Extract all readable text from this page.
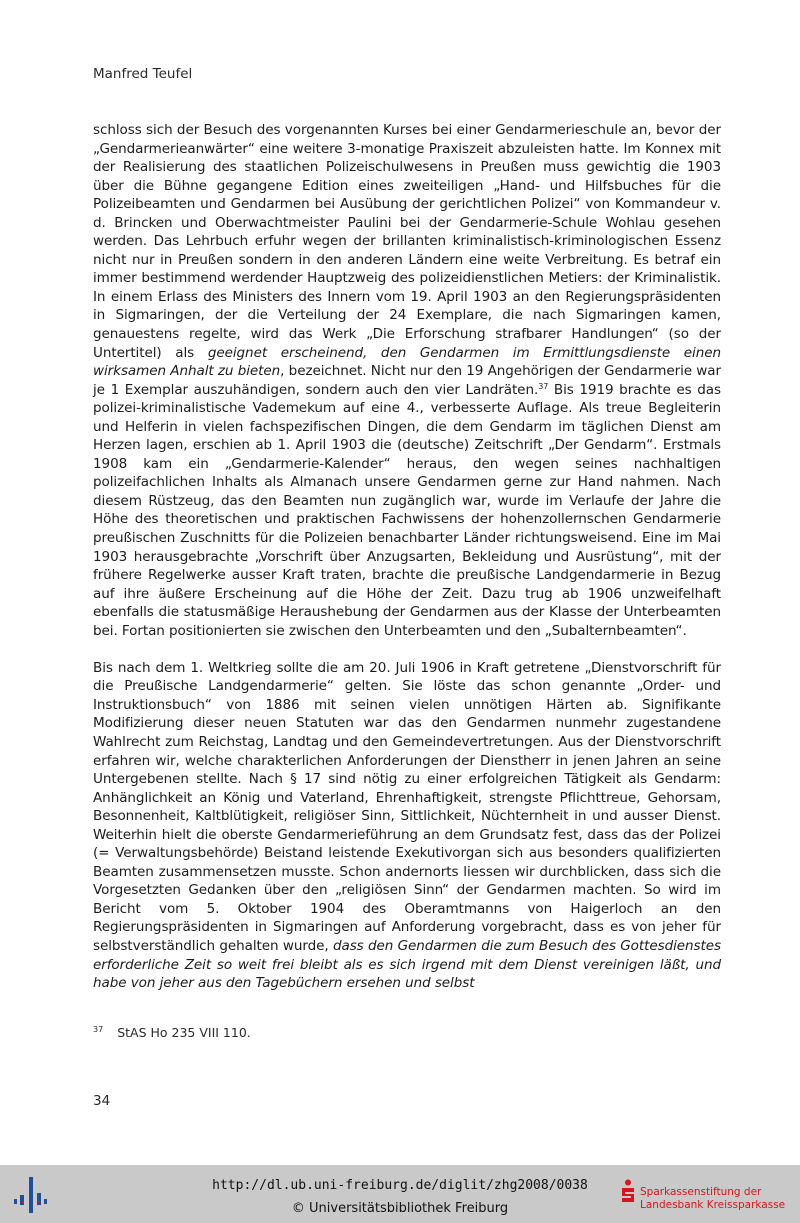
Manfred Teufel

schloss sich der Besuch des vorgenannten Kurses bei einer Gendarmerieschule an, bevor der „Gendarmerieanwärter“ eine weitere 3-monatige Praxiszeit abzuleisten hatte. Im Konnex mit der Realisierung des staatlichen Polizeischulwesens in Preußen muss gewichtig die 1903 über die Bühne gegangene Edition eines zweiteiligen „Hand- und Hilfsbuches für die Polizeibeamten und Gendarmen bei Ausübung der gerichtlichen Polizei“ von Kommandeur v. d. Brincken und Oberwachtmeister Paulini bei der Gendarmerie-Schule Wohlau gesehen werden. Das Lehrbuch erfuhr wegen der brillanten kriminalistisch-kriminologischen Essenz nicht nur in Preußen sondern in den anderen Ländern eine weite Verbreitung. Es betraf ein immer bestimmend werdender Hauptzweig des polizeidienstlichen Metiers: der Kriminalistik. In einem Erlass des Ministers des Innern vom 19. April 1903 an den Regierungspräsidenten in Sigmaringen, der die Verteilung der 24 Exemplare, die nach Sigmaringen kamen, genauestens regelte, wird das Werk „Die Erforschung strafbarer Handlungen“ (so der Untertitel) als geeignet erscheinend, den Gendarmen im Ermittlungsdienste einen wirksamen Anhalt zu bieten, bezeichnet. Nicht nur den 19 Angehörigen der Gendarmerie war je 1 Exemplar auszuhändigen, sondern auch den vier Landräten.$^{37}$ Bis 1919 brachte es das polizei-kriminalistische Vademekum auf eine 4., verbesserte Auflage. Als treue Begleiterin und Helferin in vielen fachspezifischen Dingen, die dem Gendarm im täglichen Dienst am Herzen lagen, erschien ab 1. April 1903 die (deutsche) Zeitschrift „Der Gendarm“. Erstmals 1908 kam ein „Gendarmerie-Kalender“ heraus, den wegen seines nachhaltigen polizeifachlichen Inhalts als Almanach unsere Gendarmen gerne zur Hand nahmen. Nach diesem Rüstzeug, das den Beamten nun zugänglich war, wurde im Verlaufe der Jahre die Höhe des theoretischen und praktischen Fachwissens der hohenzollernschen Gendarmerie preußischen Zuschnitts für die Polizeien benachbarter Länder richtungsweisend. Eine im Mai 1903 herausgebrachte „Vorschrift über Anzugsarten, Bekleidung und Ausrüstung“, mit der frühere Regelwerke ausser Kraft traten, brachte die preußische Landgendarmerie in Bezug auf ihre äußere Erscheinung auf die Höhe der Zeit. Dazu trug ab 1906 unzweifelhaft ebenfalls die statusmäßige Heraushebung der Gendarmen aus der Klasse der Unterbeamten bei. Fortan positionierten sie zwischen den Unterbeamten und den „Subalternbeamten“.

Bis nach dem 1. Weltkrieg sollte die am 20. Juli 1906 in Kraft getretene „Dienstvorschrift für die Preußische Landgendarmerie“ gelten. Sie löste das schon genannte „Order- und Instruktionsbuch“ von 1886 mit seinen vielen unnötigen Härten ab. Signifikante Modifizierung dieser neuen Statuten war das den Gendarmen nunmehr zugestandene Wahlrecht zum Reichstag, Landtag und den Gemeindevertretungen. Aus der Dienstvorschrift erfahren wir, welche charakterlichen Anforderungen der Dienstherr in jenen Jahren an seine Untergebenen stellte. Nach § 17 sind nötig zu einer erfolgreichen Tätigkeit als Gendarm: Anhänglichkeit an König und Vaterland, Ehrenhaftigkeit, strengste Pflichttreue, Gehorsam, Besonnenheit, Kaltblütigkeit, religiöser Sinn, Sittlichkeit, Nüchternheit in und ausser Dienst. Weiterhin hielt die oberste Gendarmerieführung an dem Grundsatz fest, dass das der Polizei (= Verwaltungsbehörde) Beistand leistende Exekutivorgan sich aus besonders qualifizierten Beamten zusammensetzen musste. Schon andernorts liessen wir durchblicken, dass sich die Vorgesetzten Gedanken über den „religiösen Sinn“ der Gendarmen machten. So wird im Bericht vom 5. Oktober 1904 des Oberamtmanns von Haigerloch an den Regierungspräsidenten in Sigmaringen auf Anforderung vorgebracht, dass es von jeher für selbstverständlich gehalten wurde, dass den Gendarmen die zum Besuch des Gottesdienstes erforderliche Zeit so weit frei bleibt als es sich irgend mit dem Dienst vereinigen läßt, und habe von jeher aus den Tagebüchern ersehen und selbst

$^{37}$ StAS Ho 235 VIII 110.
34
http://dl.ub.uni-freiburg.de/diglit/zhg2008/0038
© Universitätsbibliothek Freiburg
Sparkassenstiftung der
Landesbank Kreissparkasse
